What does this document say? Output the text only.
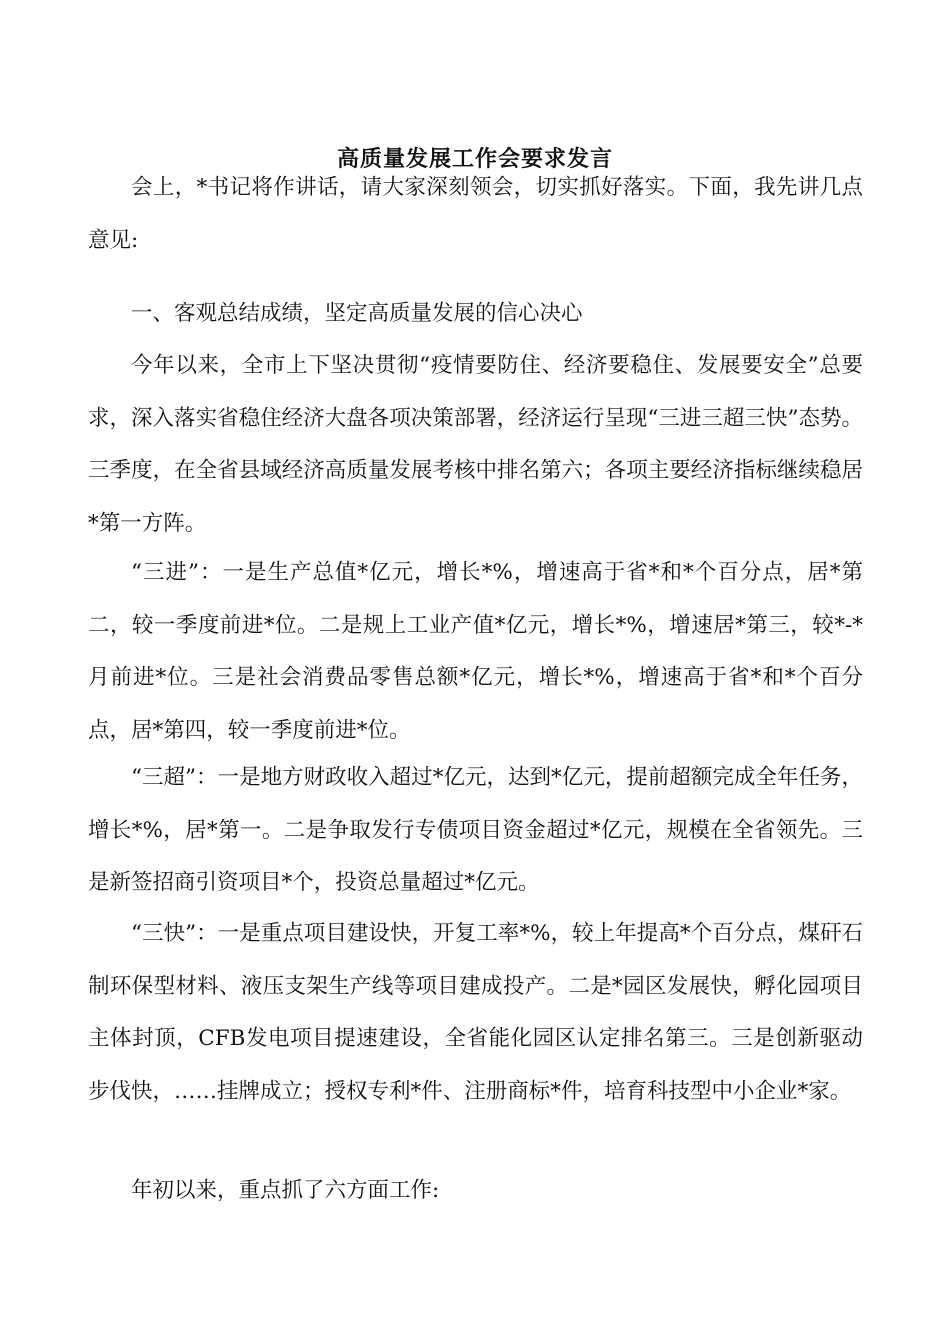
高质量发展工作会要求发言

会上，*书记将作讲话，请大家深刻领会，切实抓好落实。下面，我先讲几点意见:

一、客观总结成绩，坚定高质量发展的信心决心

今年以来，全市上下坚决贯彻“疫情要防住、经济要稳住、发展要安全”总要求，深入落实省稳住经济大盘各项决策部署，经济运行呈现“三进三超三快”态势。三季度，在全省县域经济高质量发展考核中排名第六；各项主要经济指标继续稳居*第一方阵。

“三进”：一是生产总值*亿元，增长*%，增速高于省*和*个百分点，居*第二，较一季度前进*位。二是规上工业产值*亿元，增长*%，增速居*第三，较*-*月前进*位。三是社会消费品零售总额*亿元，增长*%，增速高于省*和*个百分点，居*第四，较一季度前进*位。

“三超”：一是地方财政收入超过*亿元，达到*亿元，提前超额完成全年任务，增长*%，居*第一。二是争取发行专债项目资金超过*亿元，规模在全省领先。三是新签招商引资项目*个，投资总量超过*亿元。

“三快”：一是重点项目建设快，开复工率*%，较上年提高*个百分点，煤矸石制环保型材料、液压支架生产线等项目建成投产。二是*园区发展快，孵化园项目主体封顶，CFB发电项目提速建设，全省能化园区认定排名第三。三是创新驱动步伐快，……挂牌成立；授权专利*件、注册商标*件，培育科技型中小企业*家。

年初以来，重点抓了六方面工作:
